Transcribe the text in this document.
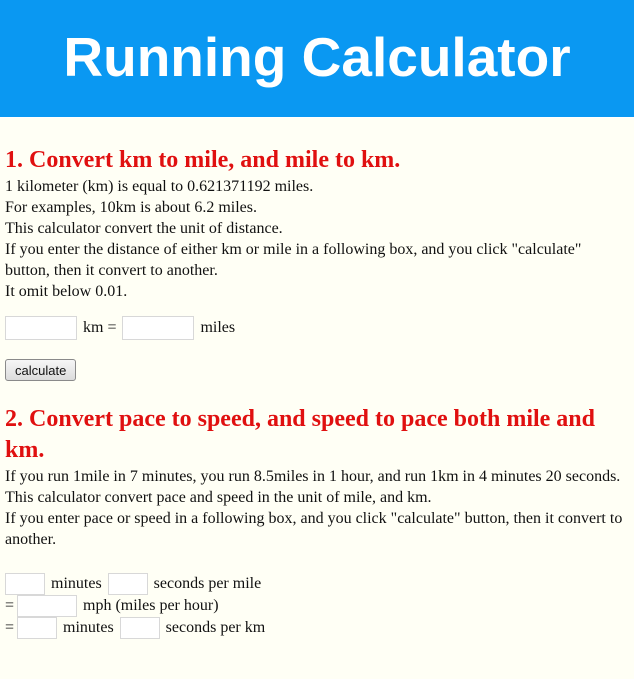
Running Calculator
1. Convert km to mile, and mile to km.

1 kilometer (km) is equal to 0.621371192 miles.
For examples, 10km is about 6.2 miles.
This calculator convert the unit of distance.
If you enter the distance of either km or mile in a following box, and you click "calculate" button, then it convert to another.
It omit below 0.01.

km =	miles
calculate
2. Convert pace to speed, and speed to pace both mile and km.

If you run 1mile in 7 minutes, you run 8.5miles in 1 hour, and run 1km in 4 minutes 20 seconds.
This calculator convert pace and speed in the unit of mile, and km.
If you enter pace or speed in a following box, and you click "calculate" button, then it convert to another.

minutes	seconds per mile
=	mph (miles per hour)
=	minutes	seconds per km
